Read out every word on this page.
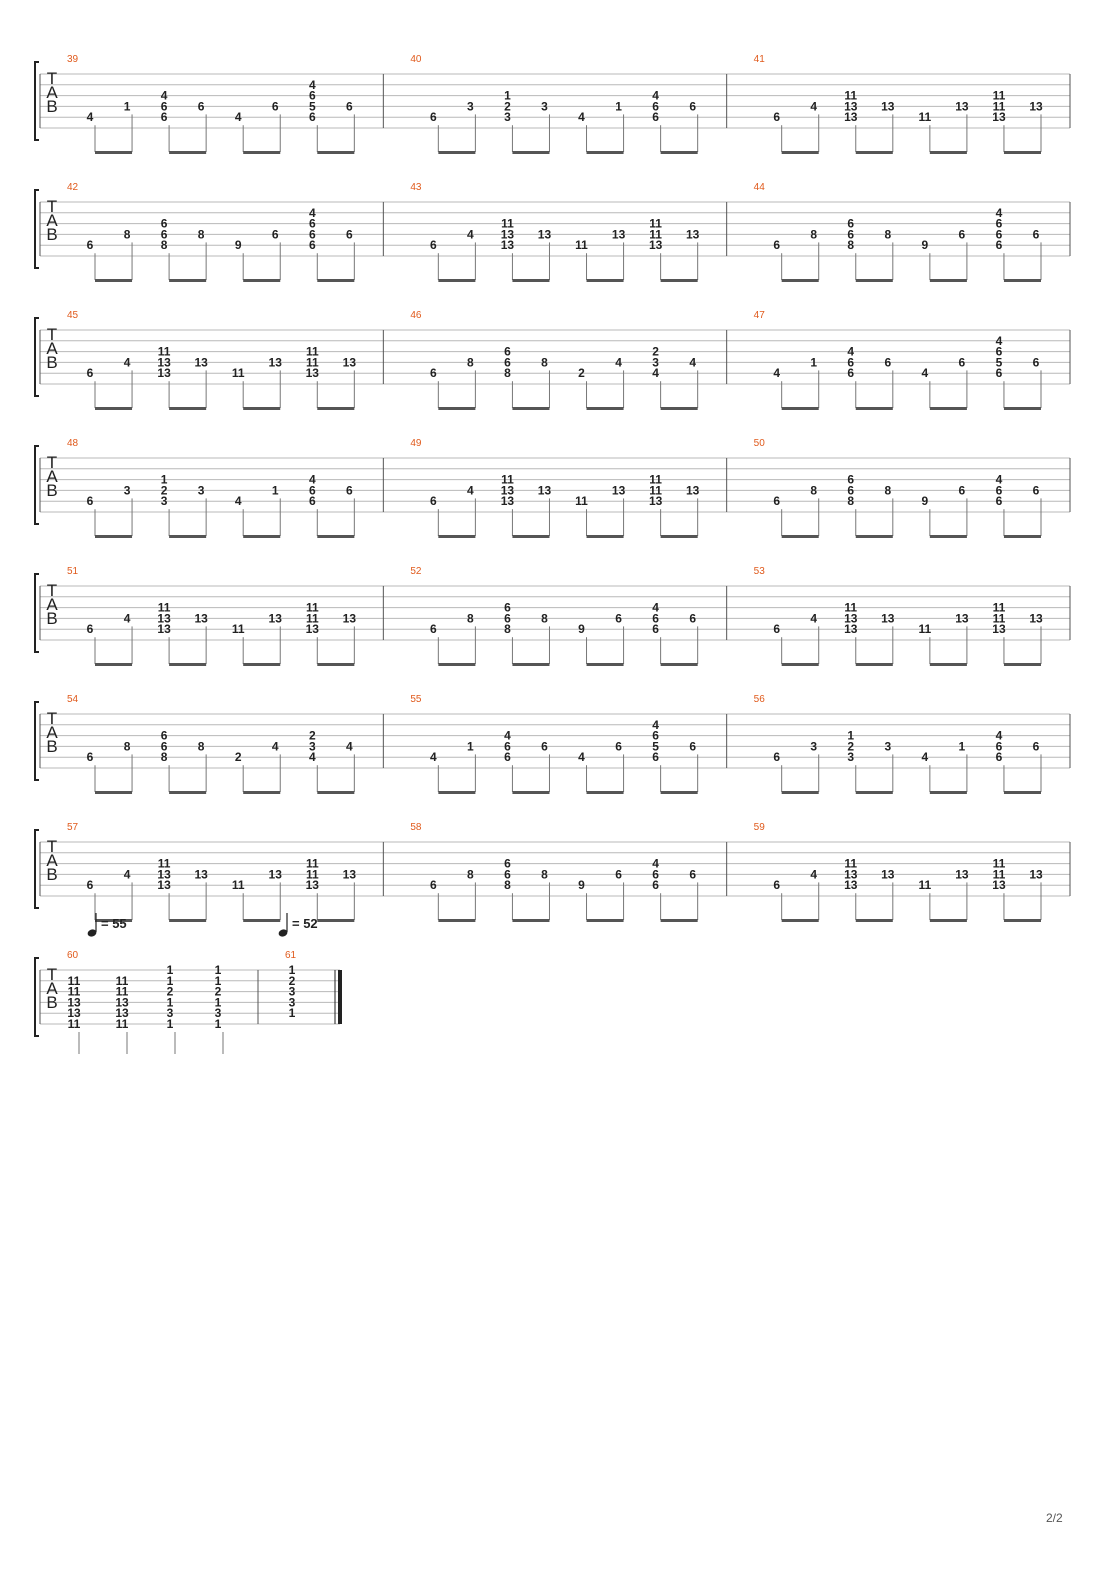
T
A
B
39
4
1
6
6
4
6
4
6
6
5
6
4
6
40
6
3
3
2
1
3
4
1
6
6
4
6
41
6
4
13
13
11
13
11
13
13
11
11
13
T
A
B
42
6
8
8
6
6
8
9
6
6
6
6
4
6
43
6
4
13
13
11
13
11
13
13
11
11
13
44
6
8
8
6
6
8
9
6
6
6
6
4
6
T
A
B
45
6
4
13
13
11
13
11
13
13
11
11
13
46
6
8
8
6
6
8
2
4
4
3
2
4
47
4
1
6
6
4
6
4
6
6
5
6
4
6
T
A
B
48
6
3
3
2
1
3
4
1
6
6
4
6
49
6
4
13
13
11
13
11
13
13
11
11
13
50
6
8
8
6
6
8
9
6
6
6
4
6
T
A
B
51
6
4
13
13
11
13
11
13
13
11
11
13
52
6
8
8
6
6
8
9
6
6
6
4
6
53
6
4
13
13
11
13
11
13
13
11
11
13
T
A
B
54
6
8
8
6
6
8
2
4
4
3
2
4
55
4
1
6
6
4
6
4
6
6
5
6
4
6
56
6
3
3
2
1
3
4
1
6
6
4
6
T
A
B
57
6
4
13
13
11
13
11
13
13
11
11
13
58
6
8
8
6
6
8
9
6
6
6
4
6
59
6
4
13
13
11
13
11
13
13
11
11
13
T
A
B
60
11
13
13
11
11
11
13
13
11
11
1
3
1
2
1
1
1
3
1
2
1
1
61
1
3
3
2
1
= 55	= 52
2/2
